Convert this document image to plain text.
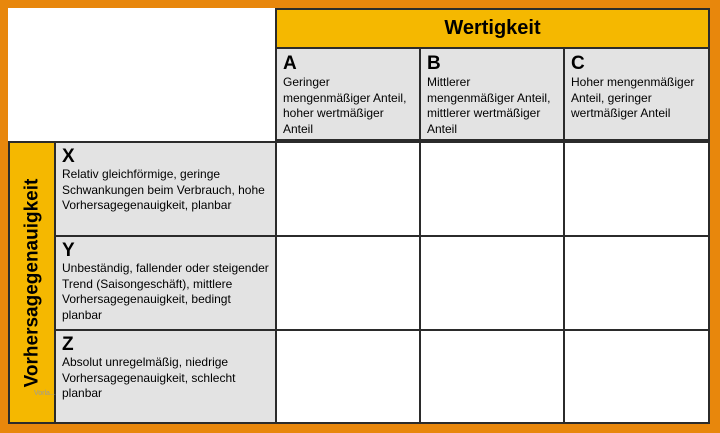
Wertigkeit
A
Geringer mengenmäßiger Anteil, hoher wertmäßiger Anteil
B
Mittlerer mengenmäßiger Anteil, mittlerer wertmäßiger Anteil
C
Hoher mengenmäßiger Anteil, geringer wertmäßiger Anteil
Vorhersagegenauigkeit
X
Relativ gleichförmige, geringe Schwankungen beim Verbrauch, hohe Vorhersagegenauigkeit, planbar
Y
Unbeständig, fallender oder steigender Trend (Saisongeschäft), mittlere Vorhersagegenauigkeit, bedingt planbar
Z
Absolut unregelmäßig, niedrige Vorhersagegenauigkeit, schlecht planbar
Vorla...
